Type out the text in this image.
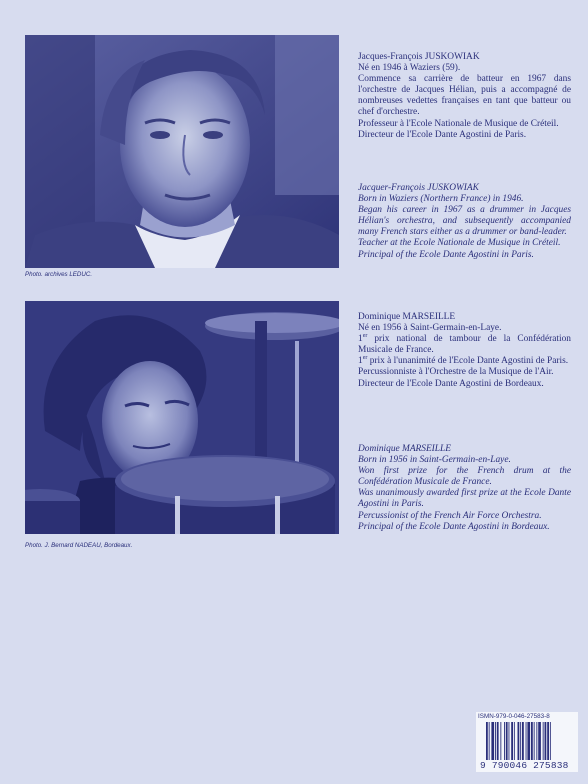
Photo. archives LEDUC.

Jacques-François JUSKOWIAK

Né en 1946 à Waziers (59).

Commence sa carrière de batteur en 1967 dans l'orchestre de Jacques Hélian, puis a accompagné de nombreuses vedettes françaises en tant que batteur ou chef d'orchestre.

Professeur à l'Ecole Nationale de Musique de Créteil.

Directeur de l'Ecole Dante Agostini de Paris.

Jacquer-François JUSKOWIAK

Born in Waziers (Northern France) in 1946.

Began his career in 1967 as a drummer in Jacques Hélian's orchestra, and subsequently accompanied many French stars either as a drummer or band-leader.

Teacher at the Ecole Nationale de Musique in Créteil.

Principal of the Ecole Dante Agostini in Paris.

Photo. J. Bernard NADEAU, Bordeaux.

Dominique MARSEILLE

Né en 1956 à Saint-Germain-en-Laye.

1er prix national de tambour de la Confédération Musicale de France.

1er prix à l'unanimité de l'Ecole Dante Agostini de Paris.

Percussionniste à l'Orchestre de la Musique de l'Air.

Directeur de l'Ecole Dante Agostini de Bordeaux.

Dominique MARSEILLE

Born in 1956 in Saint-Germain-en-Laye.

Won first prize for the French drum at the Confédération Musicale de France.

Was unanimously awarded first prize at the Ecole Dante Agostini in Paris.

Percussionist of the French Air Force Orchestra.

Principal of the Ecole Dante Agostini in Bordeaux.

ISMN-979-0-046-27583-8
9 790046 275838
